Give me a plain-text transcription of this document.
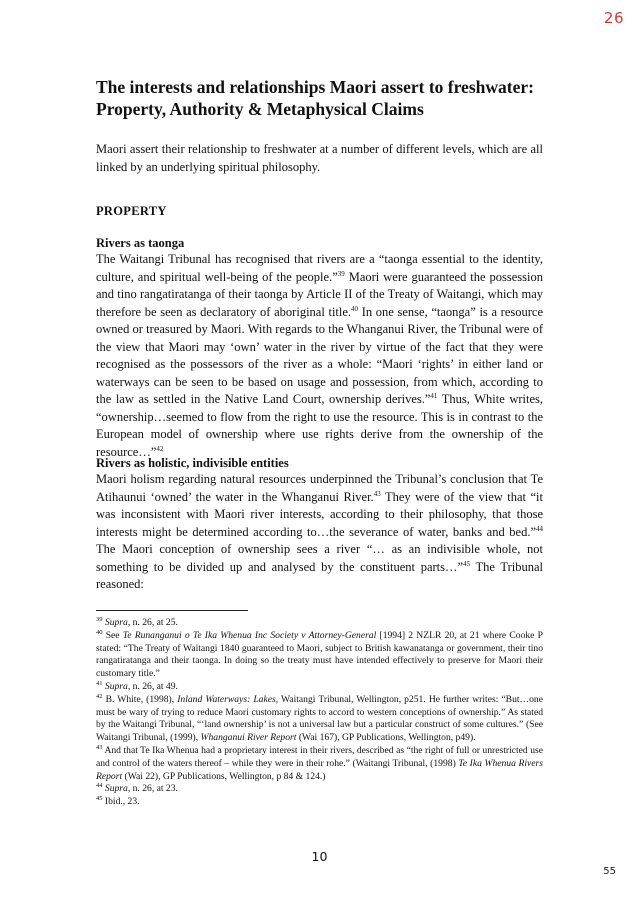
26
The interests and relationships Maori assert to freshwater: Property, Authority & Metaphysical Claims

Maori assert their relationship to freshwater at a number of different levels, which are all linked by an underlying spiritual philosophy.

PROPERTY
Rivers as taonga

The Waitangi Tribunal has recognised that rivers are a “taonga essential to the identity, culture, and spiritual well-being of the people.”$^{39}$ Maori were guaranteed the possession and tino rangatiratanga of their taonga by Article II of the Treaty of Waitangi, which may therefore be seen as declaratory of aboriginal title.$^{40}$ In one sense, “taonga” is a resource owned or treasured by Maori. With regards to the Whanganui River, the Tribunal were of the view that Maori may ‘own’ water in the river by virtue of the fact that they were recognised as the possessors of the river as a whole: “Maori ‘rights’ in either land or waterways can be seen to be based on usage and possession, from which, according to the law as settled in the Native Land Court, ownership derives.”$^{41}$ Thus, White writes, “ownership…seemed to flow from the right to use the resource. This is in contrast to the European model of ownership where use rights derive from the ownership of the resource…”$^{42}$

Rivers as holistic, indivisible entities

Maori holism regarding natural resources underpinned the Tribunal’s conclusion that Te Atihaunui ‘owned’ the water in the Whanganui River.$^{43}$ They were of the view that “it was inconsistent with Maori river interests, according to their philosophy, that those interests might be determined according to…the severance of water, banks and bed.”$^{44}$ The Maori conception of ownership sees a river “… as an indivisible whole, not something to be divided up and analysed by the constituent parts…”$^{45}$ The Tribunal reasoned:

$^{39}$ Supra, n. 26, at 25.

$^{40}$ See Te Runanganui o Te Ika Whenua Inc Society v Attorney-General [1994] 2 NZLR 20, at 21 where Cooke P stated: “The Treaty of Waitangi 1840 guaranteed to Maori, subject to British kawanatanga or government, their tino rangatiratanga and their taonga. In doing so the treaty must have intended effectively to preserve for Maori their customary title.”

$^{41}$ Supra, n. 26, at 49.

$^{42}$ B. White, (1998), Inland Waterways: Lakes, Waitangi Tribunal, Wellington, p251. He further writes: “But…one must be wary of trying to reduce Maori customary rights to accord to western conceptions of ownership.” As stated by the Waitangi Tribunal, “‘land ownership’ is not a universal law but a particular construct of some cultures.” (See Waitangi Tribunal, (1999), Whanganui River Report (Wai 167), GP Publications, Wellington, p49).

$^{43}$ And that Te Ika Whenua had a proprietary interest in their rivers, described as “the right of full or unrestricted use and control of the waters thereof – while they were in their rohe.” (Waitangi Tribunal, (1998) Te Ika Whenua Rivers Report (Wai 22), GP Publications, Wellington, p 84 & 124.)

$^{44}$ Supra, n. 26, at 23.

$^{45}$ Ibid., 23.

10
55
